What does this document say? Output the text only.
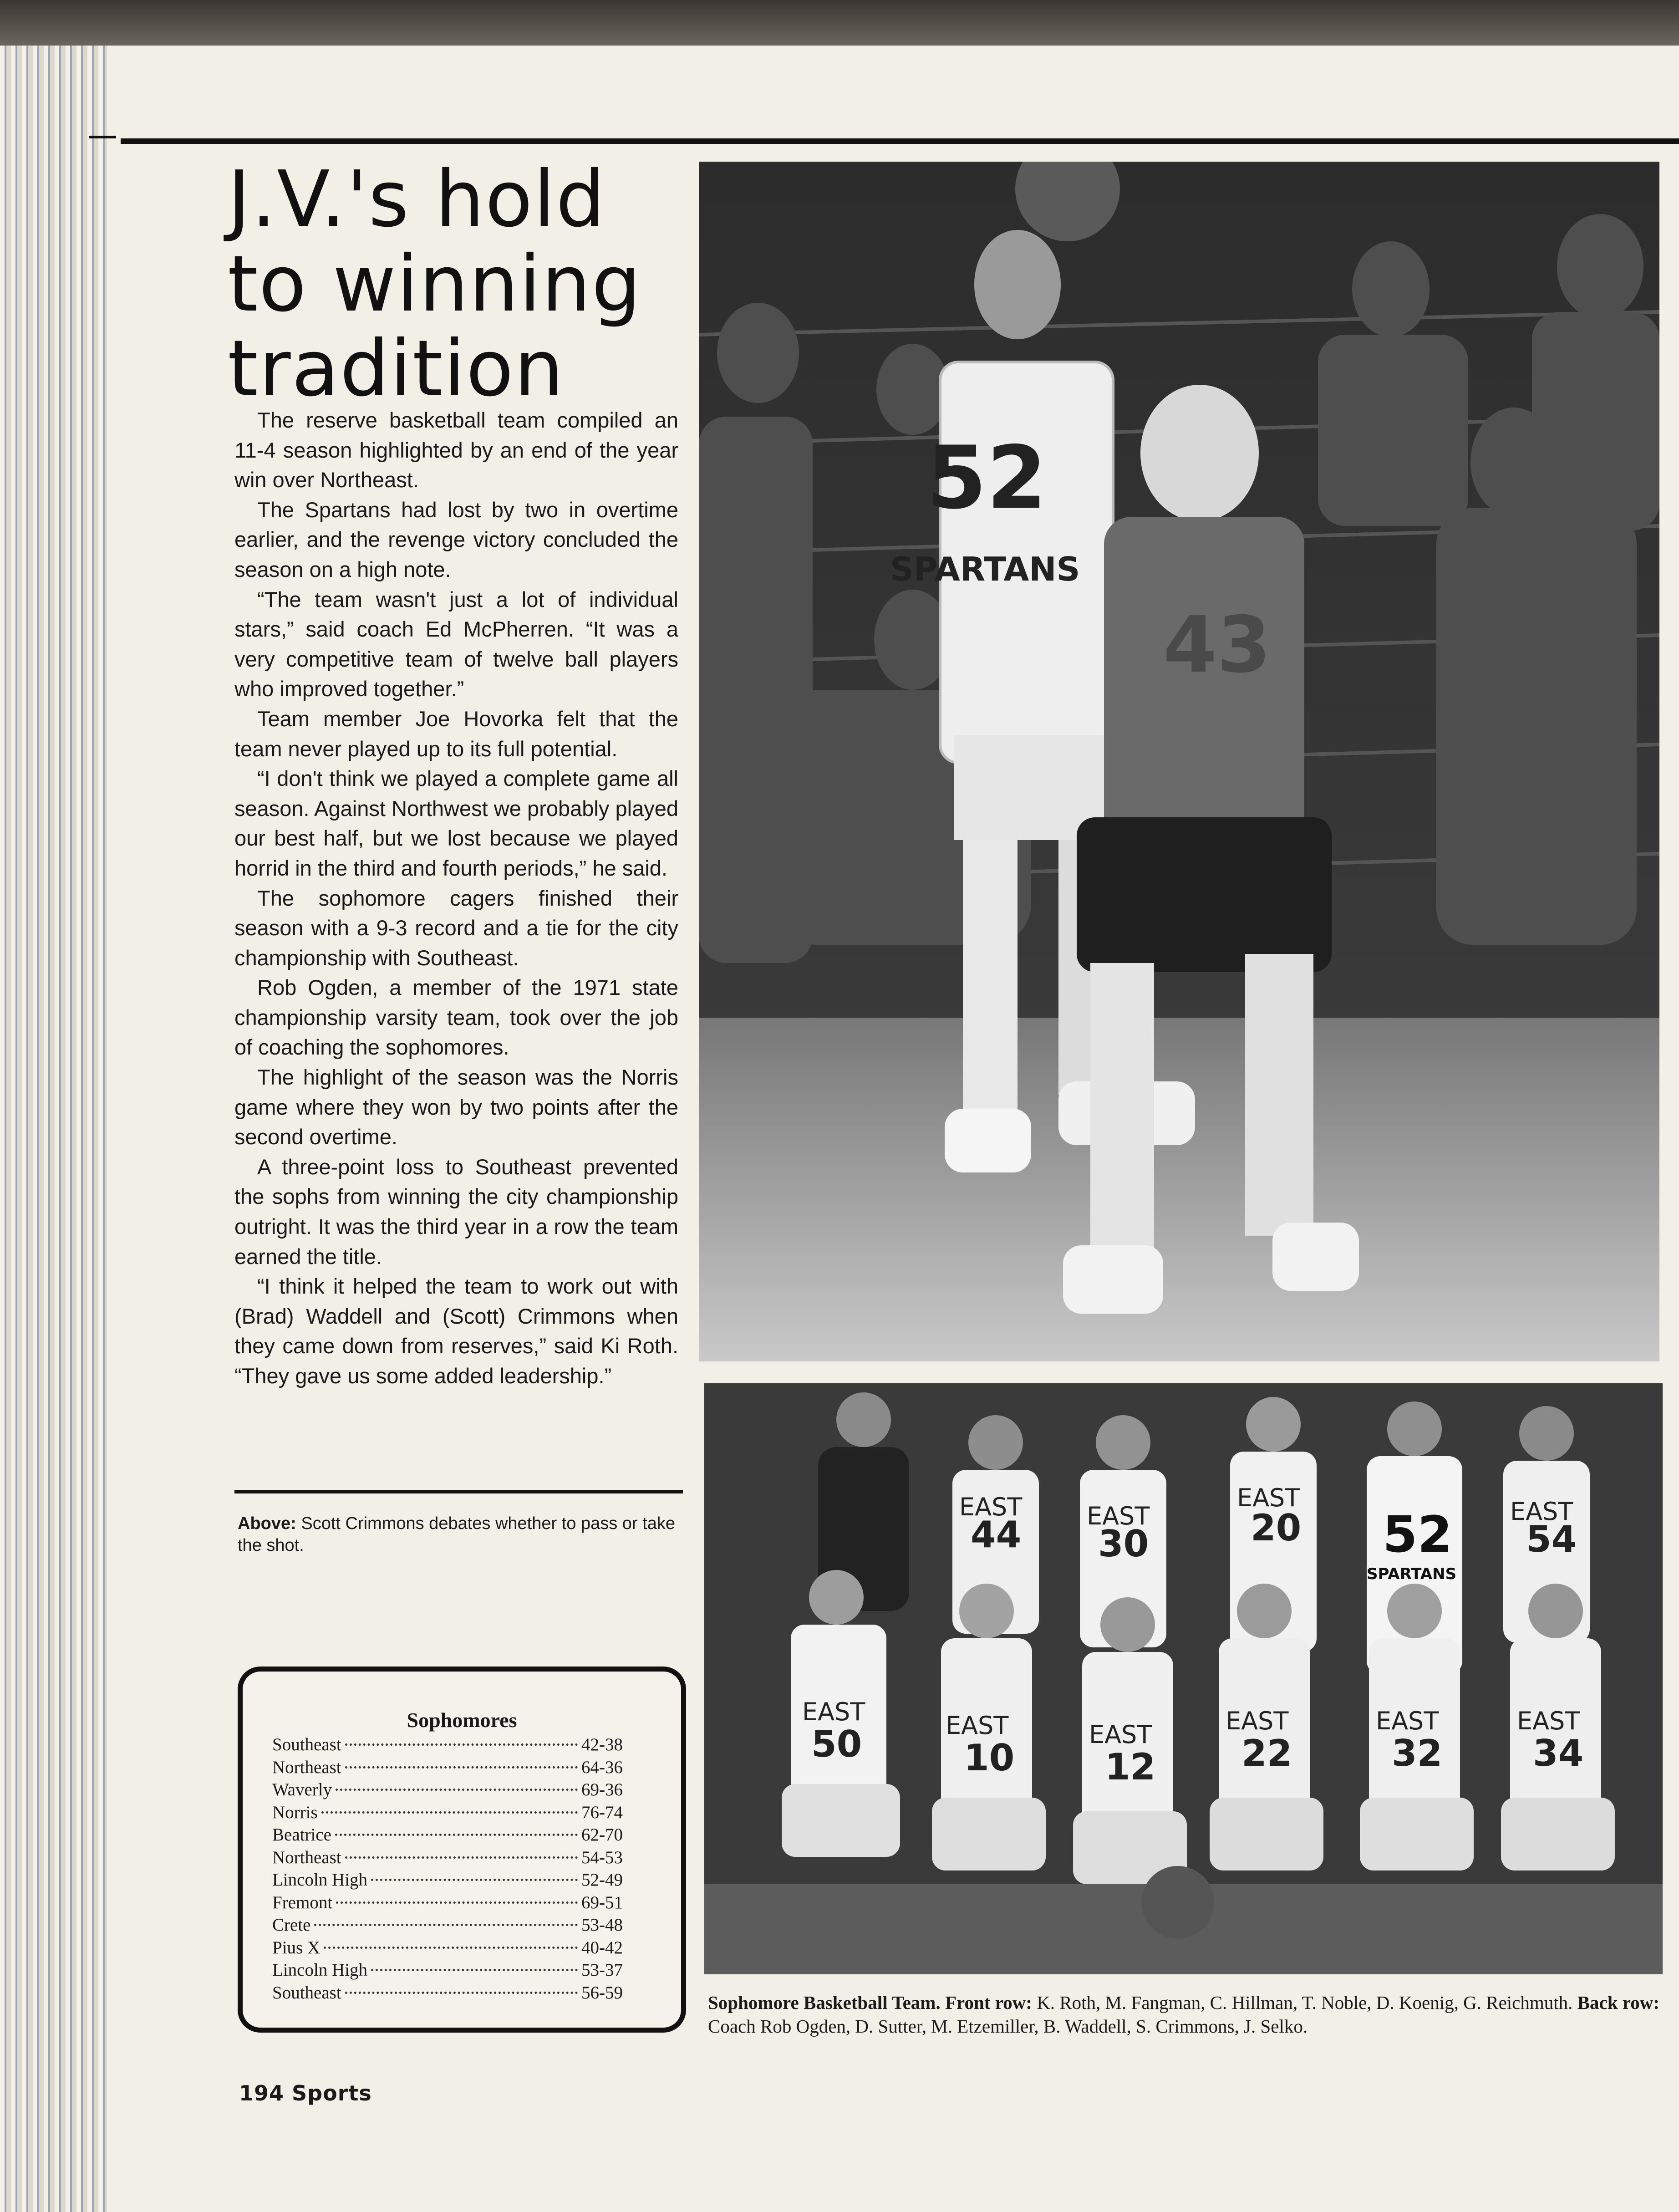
J.V.'s hold to winning tradition

The reserve basketball team compiled an 11-4 season highlighted by an end of the year win over Northeast.

The Spartans had lost by two in overtime earlier, and the revenge victory concluded the season on a high note.

“The team wasn't just a lot of individual stars,” said coach Ed McPherren. “It was a very competitive team of twelve ball players who improved together.”

Team member Joe Hovorka felt that the team never played up to its full potential.

“I don't think we played a complete game all season. Against Northwest we probably played our best half, but we lost because we played horrid in the third and fourth periods,” he said.

The sophomore cagers finished their season with a 9-3 record and a tie for the city championship with Southeast.

Rob Ogden, a member of the 1971 state championship varsity team, took over the job of coaching the sophomores.

The highlight of the season was the Norris game where they won by two points after the second overtime.

A three-point loss to Southeast prevented the sophs from winning the city championship outright. It was the third year in a row the team earned the title.

“I think it helped the team to work out with (Brad) Waddell and (Scott) Crimmons when they came down from reserves,” said Ki Roth. “They gave us some added leadership.”

Above: Scott Crimmons debates whether to pass or take the shot.
Sophomores
Southeast	42-38
Northeast	64-36
Waverly	69-36
Norris	76-74
Beatrice	62-70
Northeast	54-53
Lincoln High	52-49
Fremont	69-51
Crete	53-48
Pius X	40-42
Lincoln High	53-37
Southeast	56-59
194 Sports
52
SPARTANS
43
44
EAST
30
EAST	20
EAST
52
SPARTANS
54
EAST
EAST
50	EAST
10
EAST
12
EAST
22
EAST
32
EAST
34
Sophomore Basketball Team. Front row: K. Roth, M. Fangman, C. Hillman, T. Noble, D. Koenig, G. Reichmuth. Back row: Coach Rob Ogden, D. Sutter, M. Etzemiller, B. Waddell, S. Crimmons, J. Selko.
